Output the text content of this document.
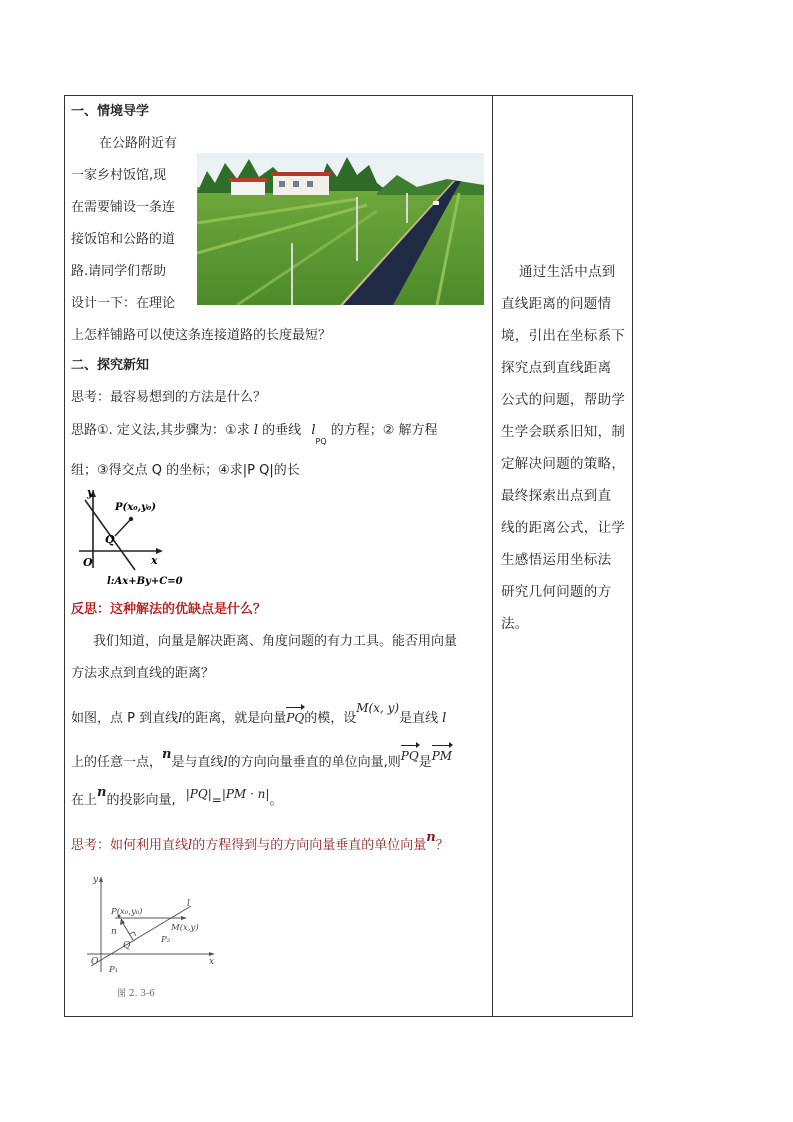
一、情境导学
在公路附近有
一家乡村饭馆,现
在需要铺设一条连
接饭馆和公路的道
路.请同学们帮助
设计一下：在理论
上怎样铺路可以使这条连接道路的长度最短？
二、探究新知
思考：最容易想到的方法是什么？
思路①. 定义法,其步骤为：①求 l 的垂线 $l_{PQ}$ 的方程；② 解方程
组；③得交点 Q 的坐标；④求|P Q|的长
y
x
O
Q
P(x₀,y₀)
l:Ax+By+C=0
反思：这种解法的优缺点是什么？
我们知道，向量是解决距离、角度问题的有力工具。能否用向量
方法求点到直线的距离？
如图，点 P 到直线l的距离，就是向量PQ的模，设M(x, y)是直线 l
上的任意一点，n是与直线l的方向向量垂直的单位向量,则PQ是PM
在上n的投影向量, |PQ|=|PM · n|。
思考：如何利用直线l的方程得到与的方向向量垂直的单位向量n？
y
x
O
P(x₀,y₀)
l
n
Q
M(x,y)
P₂
P₁
图 2. 3-6
通过生活中点到
直线距离的问题情
境，引出在坐标系下
探究点到直线距离
公式的问题，帮助学
生学会联系旧知，制
定解决问题的策略，
最终探索出点到直
线的距离公式，让学
生感悟运用坐标法
研究几何问题的方
法。
